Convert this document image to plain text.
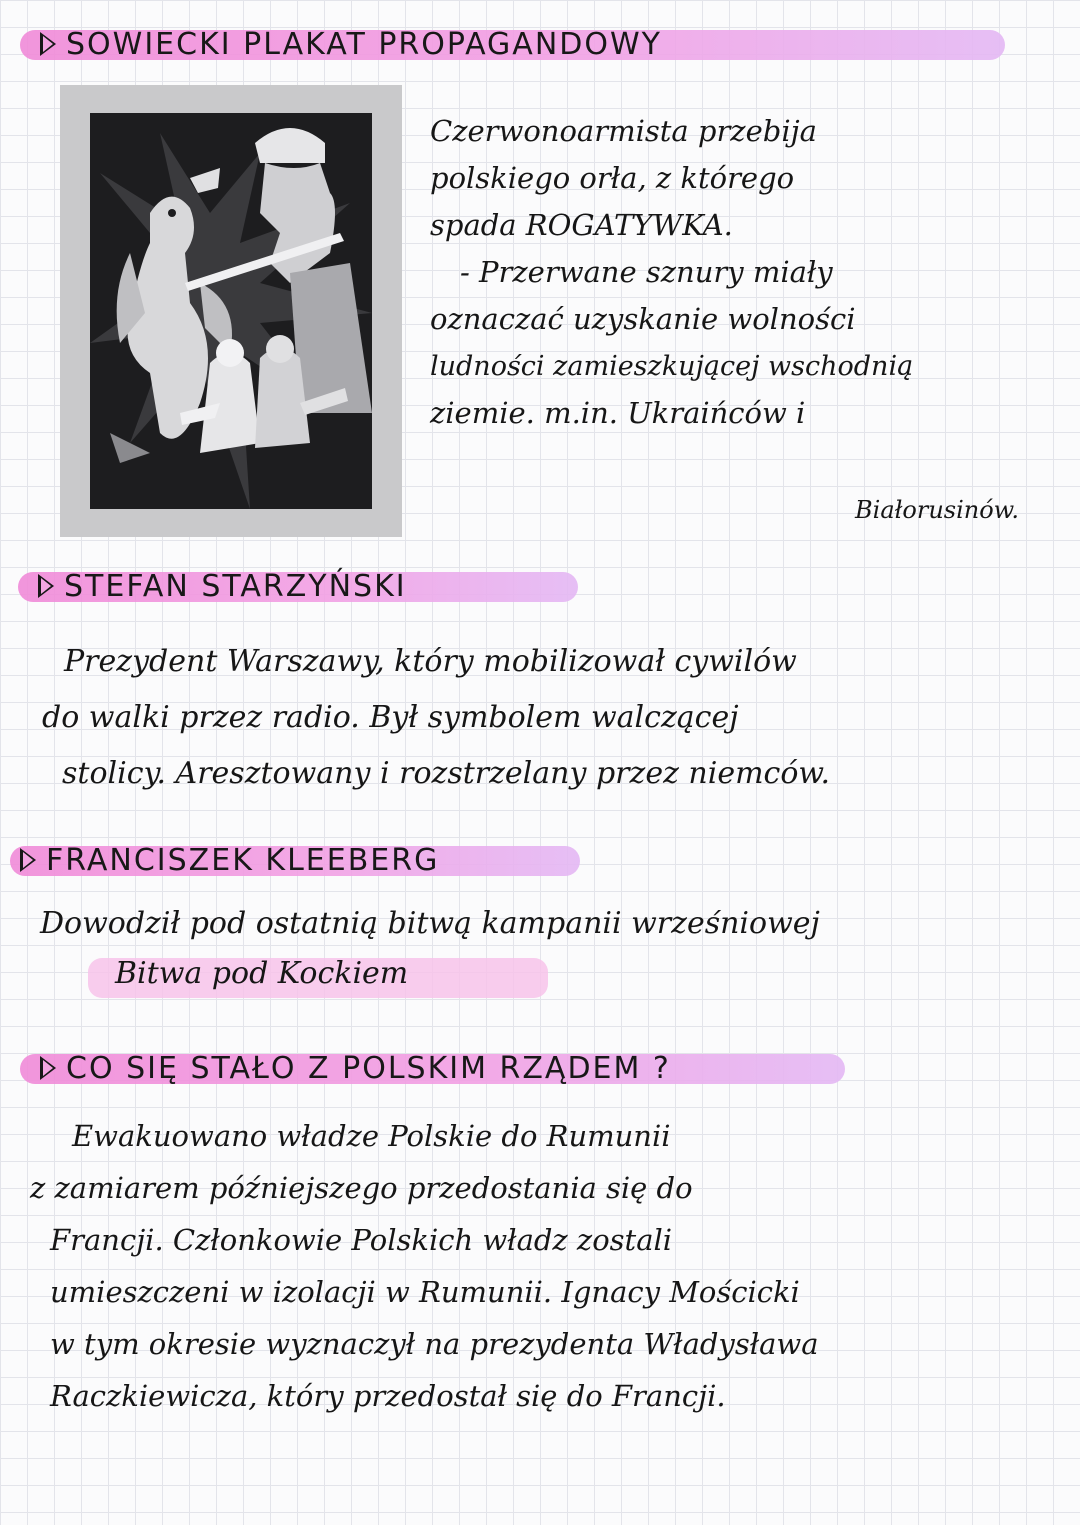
SOWIECKI PLAKAT PROPAGANDOWY

Czerwonoarmista przebija

polskiego orła, z którego

spada ROGATYWKA.

- Przerwane sznury miały

oznaczać uzyskanie wolności

ludności zamieszkującej wschodnią

ziemie. m.in. Ukraińców i

Białorusinów.
STEFAN STARZYŃSKI

Prezydent Warszawy, który mobilizował cywilów

do walki przez radio. Był symbolem walczącej

stolicy. Aresztowany i rozstrzelany przez niemców.

FRANCISZEK KLEEBERG
Dowodził pod ostatnią bitwą kampanii wrześniowej
Bitwa pod Kockiem
CO SIĘ STAŁO Z POLSKIM RZĄDEM ?

Ewakuowano władze Polskie do Rumunii

z zamiarem późniejszego przedostania się do

Francji. Członkowie Polskich władz zostali

umieszczeni w izolacji w Rumunii. Ignacy Mościcki

w tym okresie wyznaczył na prezydenta Władysława

Raczkiewicza, który przedostał się do Francji.
